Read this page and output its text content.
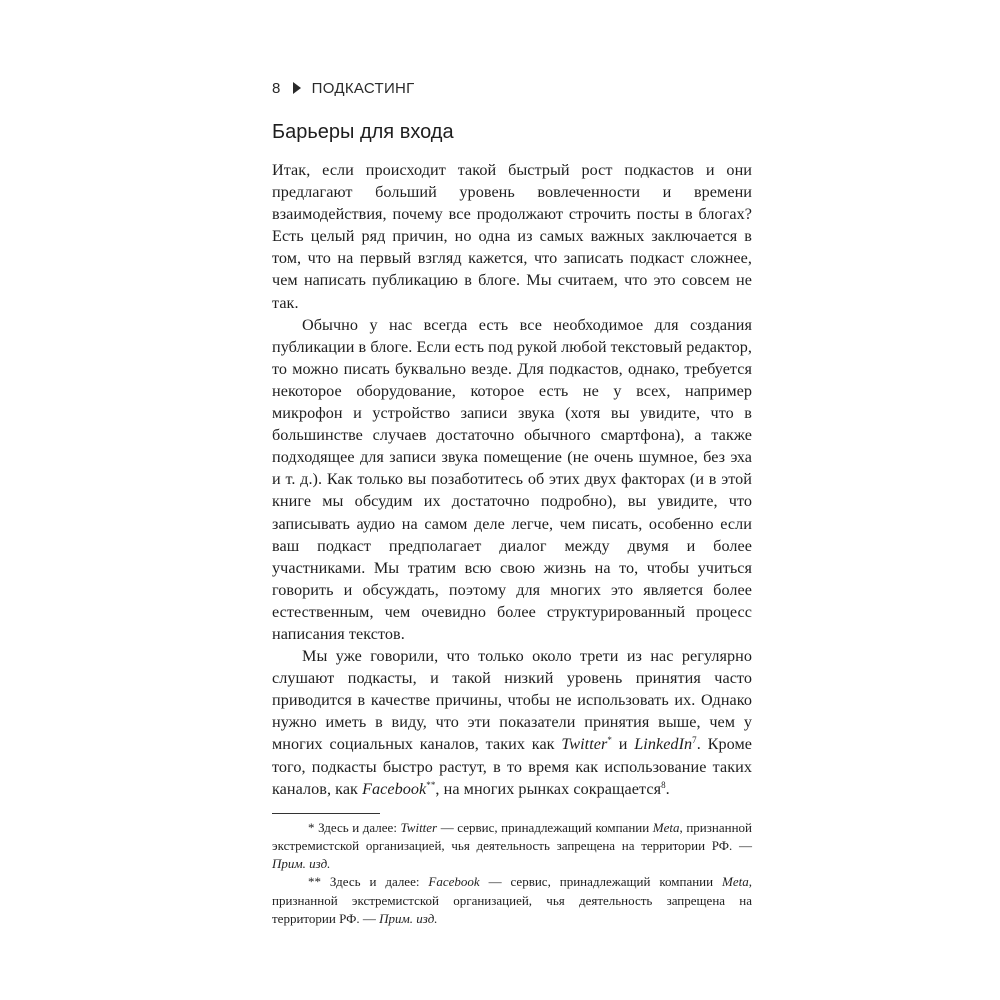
8 ПОДКАСТИНГ
Барьеры для входа

Итак, если происходит такой быстрый рост подкастов и они предлагают больший уровень вовлеченности и времени взаимодействия, почему все продолжают строчить посты в блогах? Есть целый ряд причин, но одна из самых важных заключается в том, что на первый взгляд кажется, что записать подкаст сложнее, чем написать публикацию в блоге. Мы считаем, что это совсем не так.

Обычно у нас всегда есть все необходимое для создания публикации в блоге. Если есть под рукой любой текстовый редактор, то можно писать буквально везде. Для подкастов, однако, требуется некоторое оборудование, которое есть не у всех, например микрофон и устройство записи звука (хотя вы увидите, что в большинстве случаев достаточно обычного смартфона), а также подходящее для записи звука помещение (не очень шумное, без эха и т. д.). Как только вы позаботитесь об этих двух факторах (и в этой книге мы обсудим их достаточно подробно), вы увидите, что записывать аудио на самом деле легче, чем писать, особенно если ваш подкаст предполагает диалог между двумя и более участниками. Мы тратим всю свою жизнь на то, чтобы учиться говорить и обсуждать, поэтому для многих это является более естественным, чем очевидно более структурированный процесс написания текстов.

Мы уже говорили, что только около трети из нас регулярно слушают подкасты, и такой низкий уровень принятия часто приводится в качестве причины, чтобы не использовать их. Однако нужно иметь в виду, что эти показатели принятия выше, чем у многих социальных каналов, таких как Twitter* и LinkedIn$^7$. Кроме того, подкасты быстро растут, в то время как использование таких каналов, как Facebook**, на многих рынках сокращается$^8$.

* Здесь и далее: Twitter — сервис, принадлежащий компании Meta, признанной экстремистской организацией, чья деятельность запрещена на территории РФ. — Прим. изд.

** Здесь и далее: Facebook — сервис, принадлежащий компании Meta, признанной экстремистской организацией, чья деятельность запрещена на территории РФ. — Прим. изд.
